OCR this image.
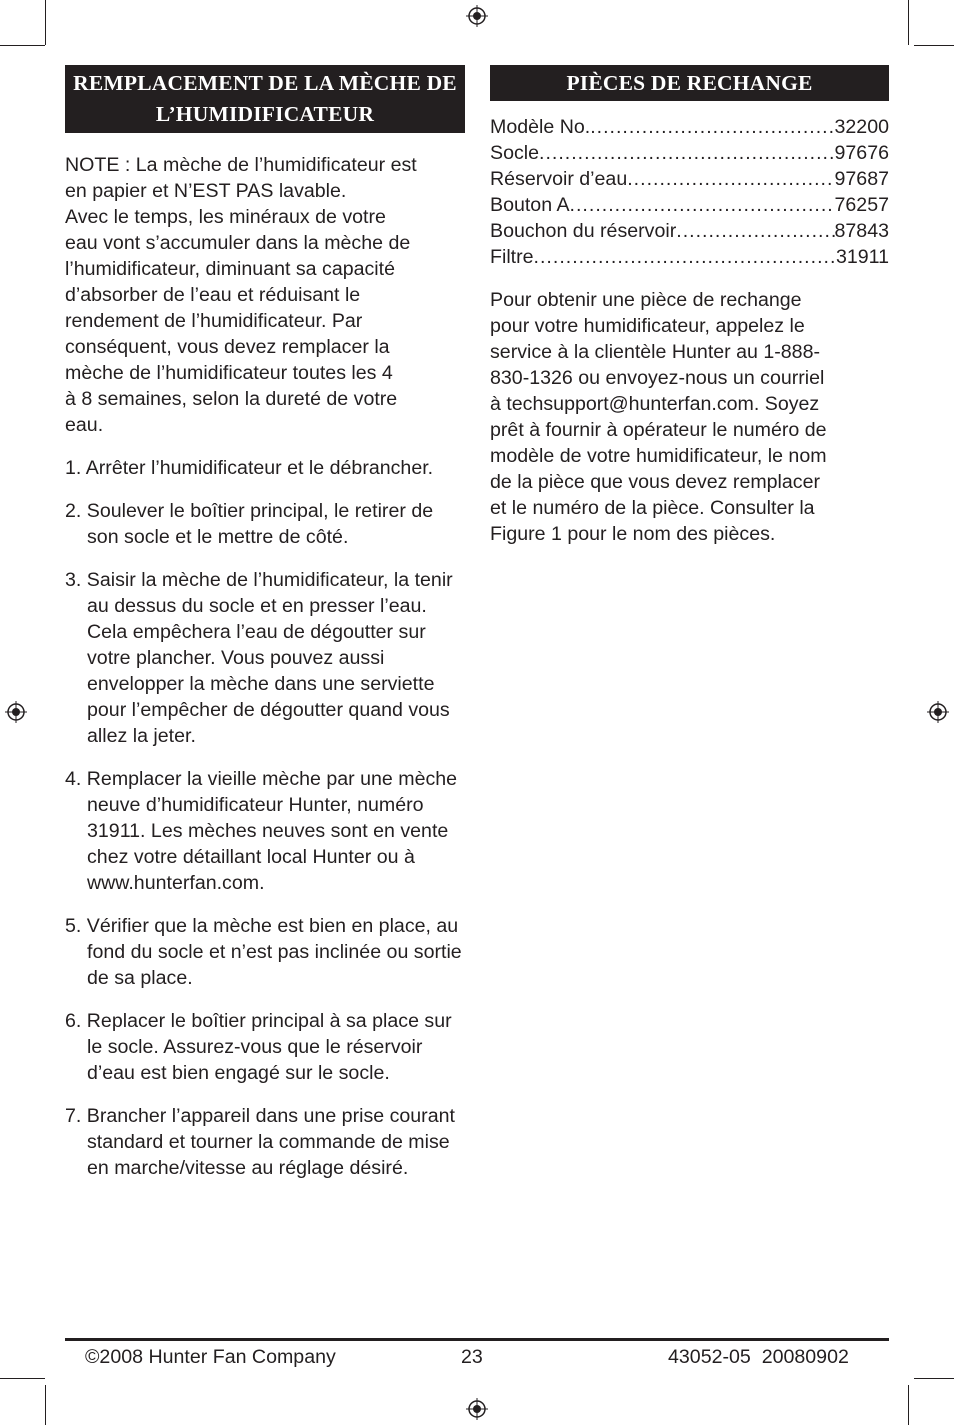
REMPLACEMENT DE LA MÈCHE DE L’HUMIDIFICATEUR

NOTE : La mèche de l’humidificateur est

en papier et N’EST PAS lavable.

Avec le temps, les minéraux de votre

eau vont s’accumuler dans la mèche de

l’humidificateur, diminuant sa capacité

d’absorber de l’eau et réduisant le

rendement de l’humidificateur. Par

conséquent, vous devez remplacer la

mèche de l’humidificateur toutes les 4

à 8 semaines, selon la dureté de votre

eau.

1. Arrêter l’humidificateur et le débrancher.
2. Soulever le boîtier principal, le retirer de son socle et le mettre de côté.
3. Saisir la mèche de l’humidificateur, la tenir au dessus du socle et en presser l’eau. Cela empêchera l’eau de dégoutter sur votre plancher. Vous pouvez aussi envelopper la mèche dans une serviette pour l’empêcher de dégoutter quand vous allez la jeter.
4. Remplacer la vieille mèche par une mèche neuve d’humidificateur Hunter, numéro 31911. Les mèches neuves sont en vente chez votre détaillant local Hunter ou à www.hunterfan.com.
5. Vérifier que la mèche est bien en place, au fond du socle et n’est pas inclinée ou sortie de sa place.
6. Replacer le boîtier principal à sa place sur le socle. Assurez-vous que le réservoir d’eau est bien engagé sur le socle.
7. Brancher l’appareil dans une prise courant standard et tourner la commande de mise en marche/vitesse au réglage désiré.
PIÈCES DE RECHANGE
Modèle No. .....	32200
Socle .....	97676
Réservoir d’eau .....	97687
Bouton A .....	76257
Bouchon du réservoir .....	87843
Filtre .....	31911

Pour obtenir une pièce de rechange

pour votre humidificateur, appelez le

service à la clientèle Hunter au 1-888-

830-1326 ou envoyez-nous un courriel

à techsupport@hunterfan.com. Soyez

prêt à fournir à opérateur le numéro de

modèle de votre humidificateur, le nom

de la pièce que vous devez remplacer

et le numéro de la pièce. Consulter la

Figure 1 pour le nom des pièces.

©2008 Hunter Fan Company	23	43052-05  20080902
